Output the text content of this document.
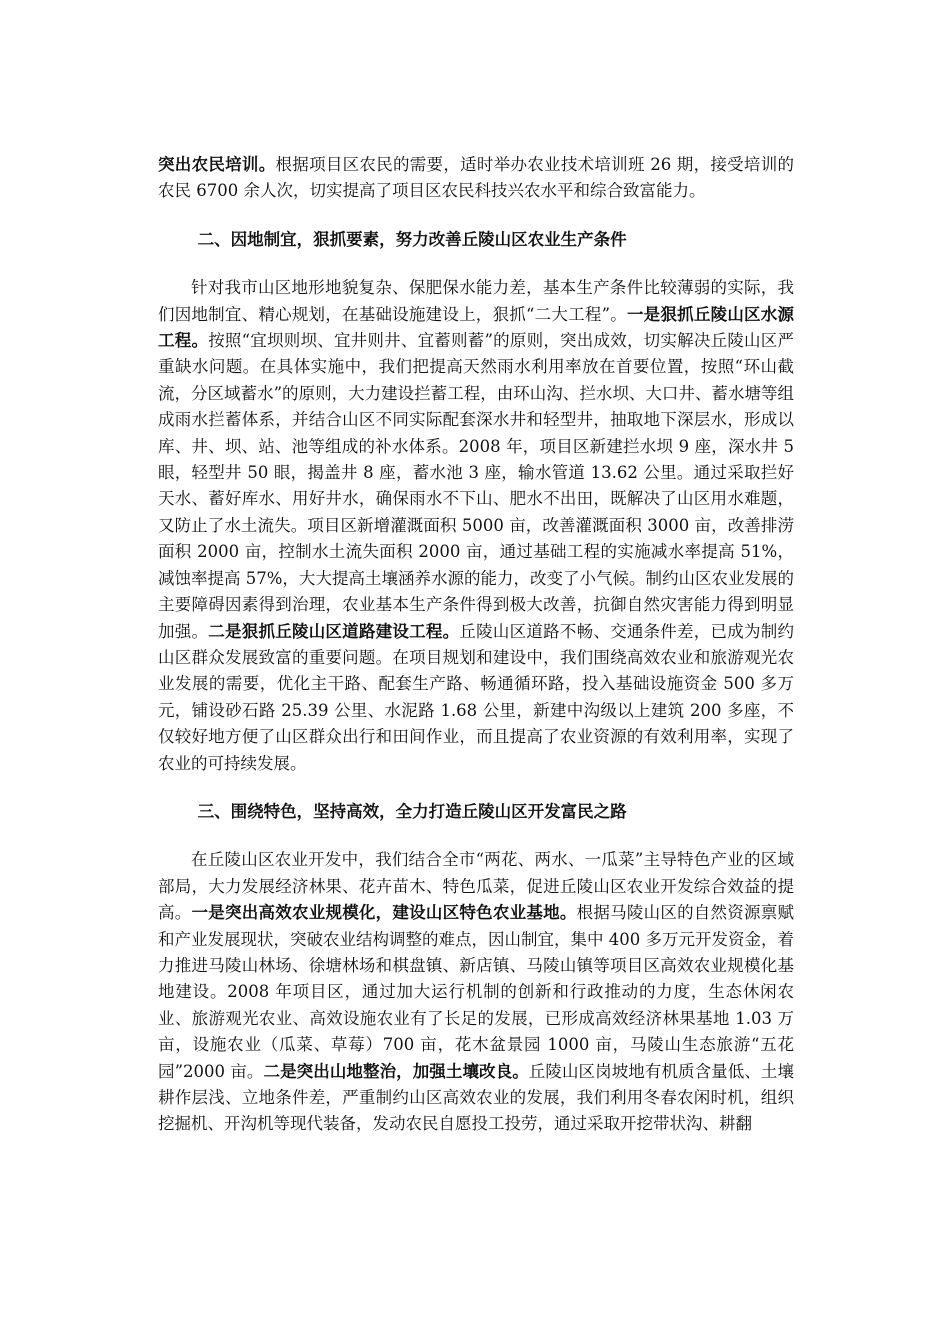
突出农民培训。根据项目区农民的需要，适时举办农业技术培训班 26 期，接受培训的农民 6700 余人次，切实提高了项目区农民科技兴农水平和综合致富能力。

二、因地制宜，狠抓要素，努力改善丘陵山区农业生产条件

针对我市山区地形地貌复杂、保肥保水能力差，基本生产条件比较薄弱的实际，我们因地制宜、精心规划，在基础设施建设上，狠抓“二大工程”。一是狠抓丘陵山区水源工程。按照“宜坝则坝、宜井则井、宜蓄则蓄”的原则，突出成效，切实解决丘陵山区严重缺水问题。在具体实施中，我们把提高天然雨水利用率放在首要位置，按照“环山截流，分区域蓄水”的原则，大力建设拦蓄工程，由环山沟、拦水坝、大口井、蓄水塘等组成雨水拦蓄体系，并结合山区不同实际配套深水井和轻型井，抽取地下深层水，形成以库、井、坝、站、池等组成的补水体系。2008 年，项目区新建拦水坝 9 座，深水井 5 眼，轻型井 50 眼，揭盖井 8 座，蓄水池 3 座，输水管道 13.62 公里。通过采取拦好天水、蓄好库水、用好井水，确保雨水不下山、肥水不出田，既解决了山区用水难题，又防止了水土流失。项目区新增灌溉面积 5000 亩，改善灌溉面积 3000 亩，改善排涝面积 2000 亩，控制水土流失面积 2000 亩，通过基础工程的实施减水率提高 51%，减蚀率提高 57%，大大提高土壤涵养水源的能力，改变了小气候。制约山区农业发展的主要障碍因素得到治理，农业基本生产条件得到极大改善，抗御自然灾害能力得到明显加强。二是狠抓丘陵山区道路建设工程。丘陵山区道路不畅、交通条件差，已成为制约山区群众发展致富的重要问题。在项目规划和建设中，我们围绕高效农业和旅游观光农业发展的需要，优化主干路、配套生产路、畅通循环路，投入基础设施资金 500 多万元，铺设砂石路 25.39 公里、水泥路 1.68 公里，新建中沟级以上建筑 200 多座，不仅较好地方便了山区群众出行和田间作业，而且提高了农业资源的有效利用率，实现了农业的可持续发展。

三、围绕特色，坚持高效，全力打造丘陵山区开发富民之路

在丘陵山区农业开发中，我们结合全市“两花、两水、一瓜菜”主导特色产业的区域部局，大力发展经济林果、花卉苗木、特色瓜菜，促进丘陵山区农业开发综合效益的提高。一是突出高效农业规模化，建设山区特色农业基地。根据马陵山区的自然资源禀赋和产业发展现状，突破农业结构调整的难点，因山制宜，集中 400 多万元开发资金，着力推进马陵山林场、徐塘林场和棋盘镇、新店镇、马陵山镇等项目区高效农业规模化基地建设。2008 年项目区，通过加大运行机制的创新和行政推动的力度，生态休闲农业、旅游观光农业、高效设施农业有了长足的发展，已形成高效经济林果基地 1.03 万亩，设施农业（瓜菜、草莓）700 亩，花木盆景园 1000 亩，马陵山生态旅游“五花园”2000 亩。二是突出山地整治，加强土壤改良。丘陵山区岗坡地有机质含量低、土壤耕作层浅、立地条件差，严重制约山区高效农业的发展，我们利用冬春农闲时机，组织挖掘机、开沟机等现代装备，发动农民自愿投工投劳，通过采取开挖带状沟、耕翻
